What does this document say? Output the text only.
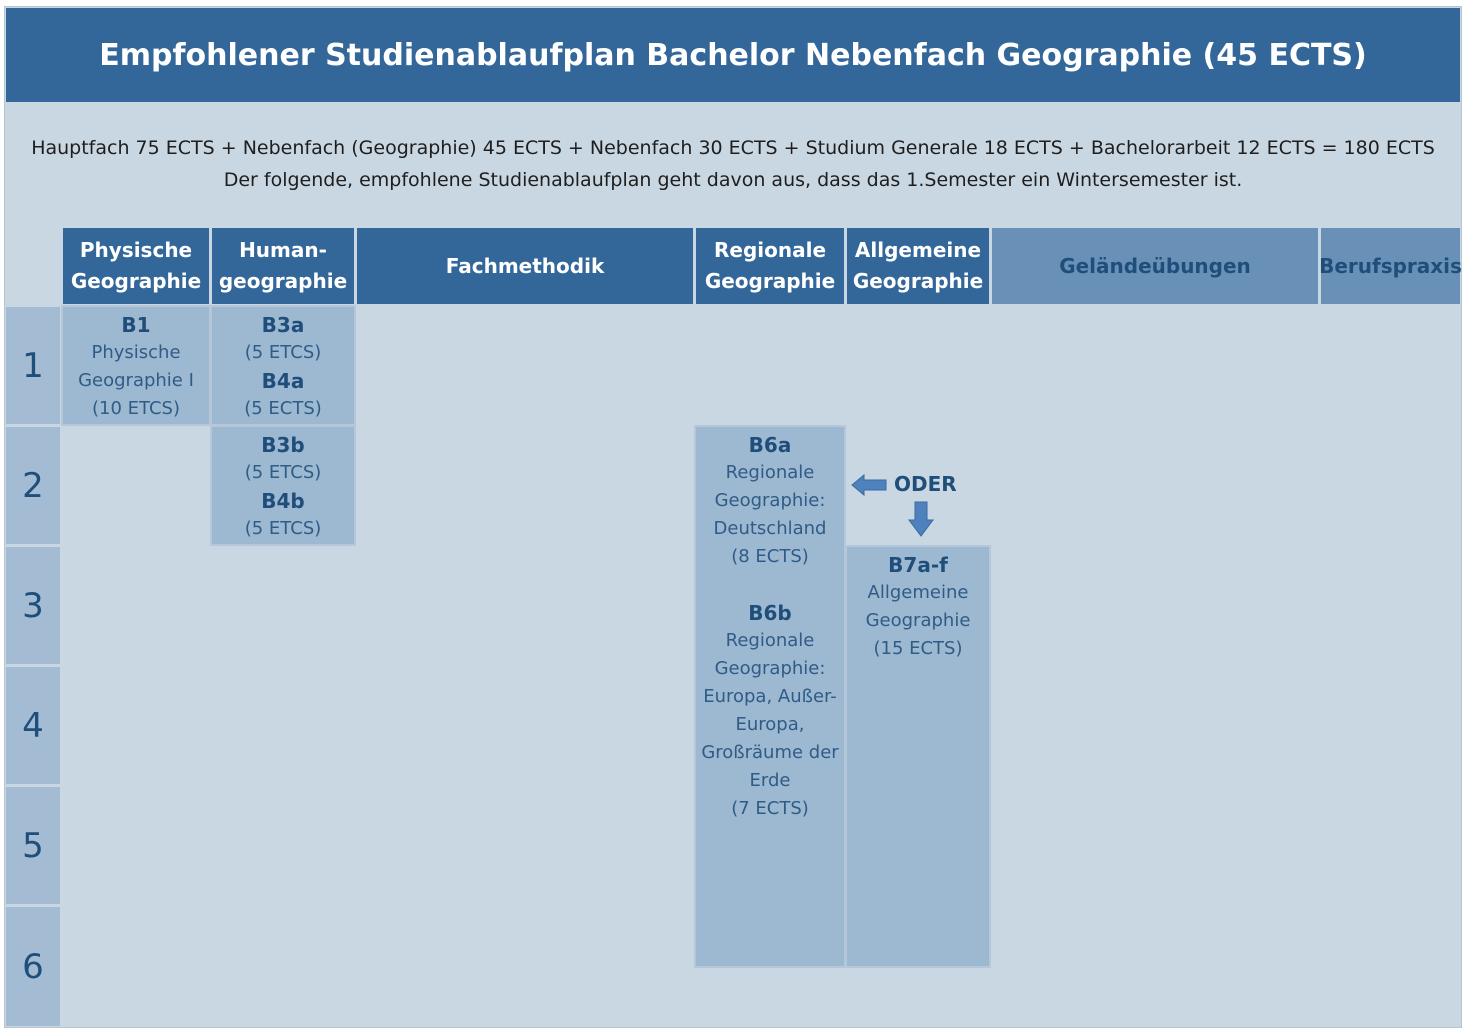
Empfohlener Studienablaufplan Bachelor Nebenfach Geographie (45 ECTS)
Hauptfach 75 ECTS + Nebenfach (Geographie) 45 ECTS + Nebenfach 30 ECTS + Studium Generale 18 ECTS + Bachelorarbeit 12 ECTS = 180 ECTS
Der folgende, empfohlene Studienablaufplan geht davon aus, dass das 1.Semester ein Wintersemester ist.
Physische
Geographie
Human-
geographie
Fachmethodik
Regionale
Geographie
Allgemeine
Geographie
Geländeübungen	Berufspraxis
1
2
3
4
5
6
B1
Physische
Geographie I
(10 ETCS)
B3a
(5 ETCS)
B4a
(5 ECTS)
B3b
(5 ETCS)
B4b
(5 ETCS)
B6a
Regionale
Geographie:
Deutschland
(8 ECTS)
B6b
Regionale
Geographie:
Europa, Außer-
Europa,
Großräume der
Erde
(7 ECTS)
B7a-f
Allgemeine
Geographie
(15 ECTS)
ODER
